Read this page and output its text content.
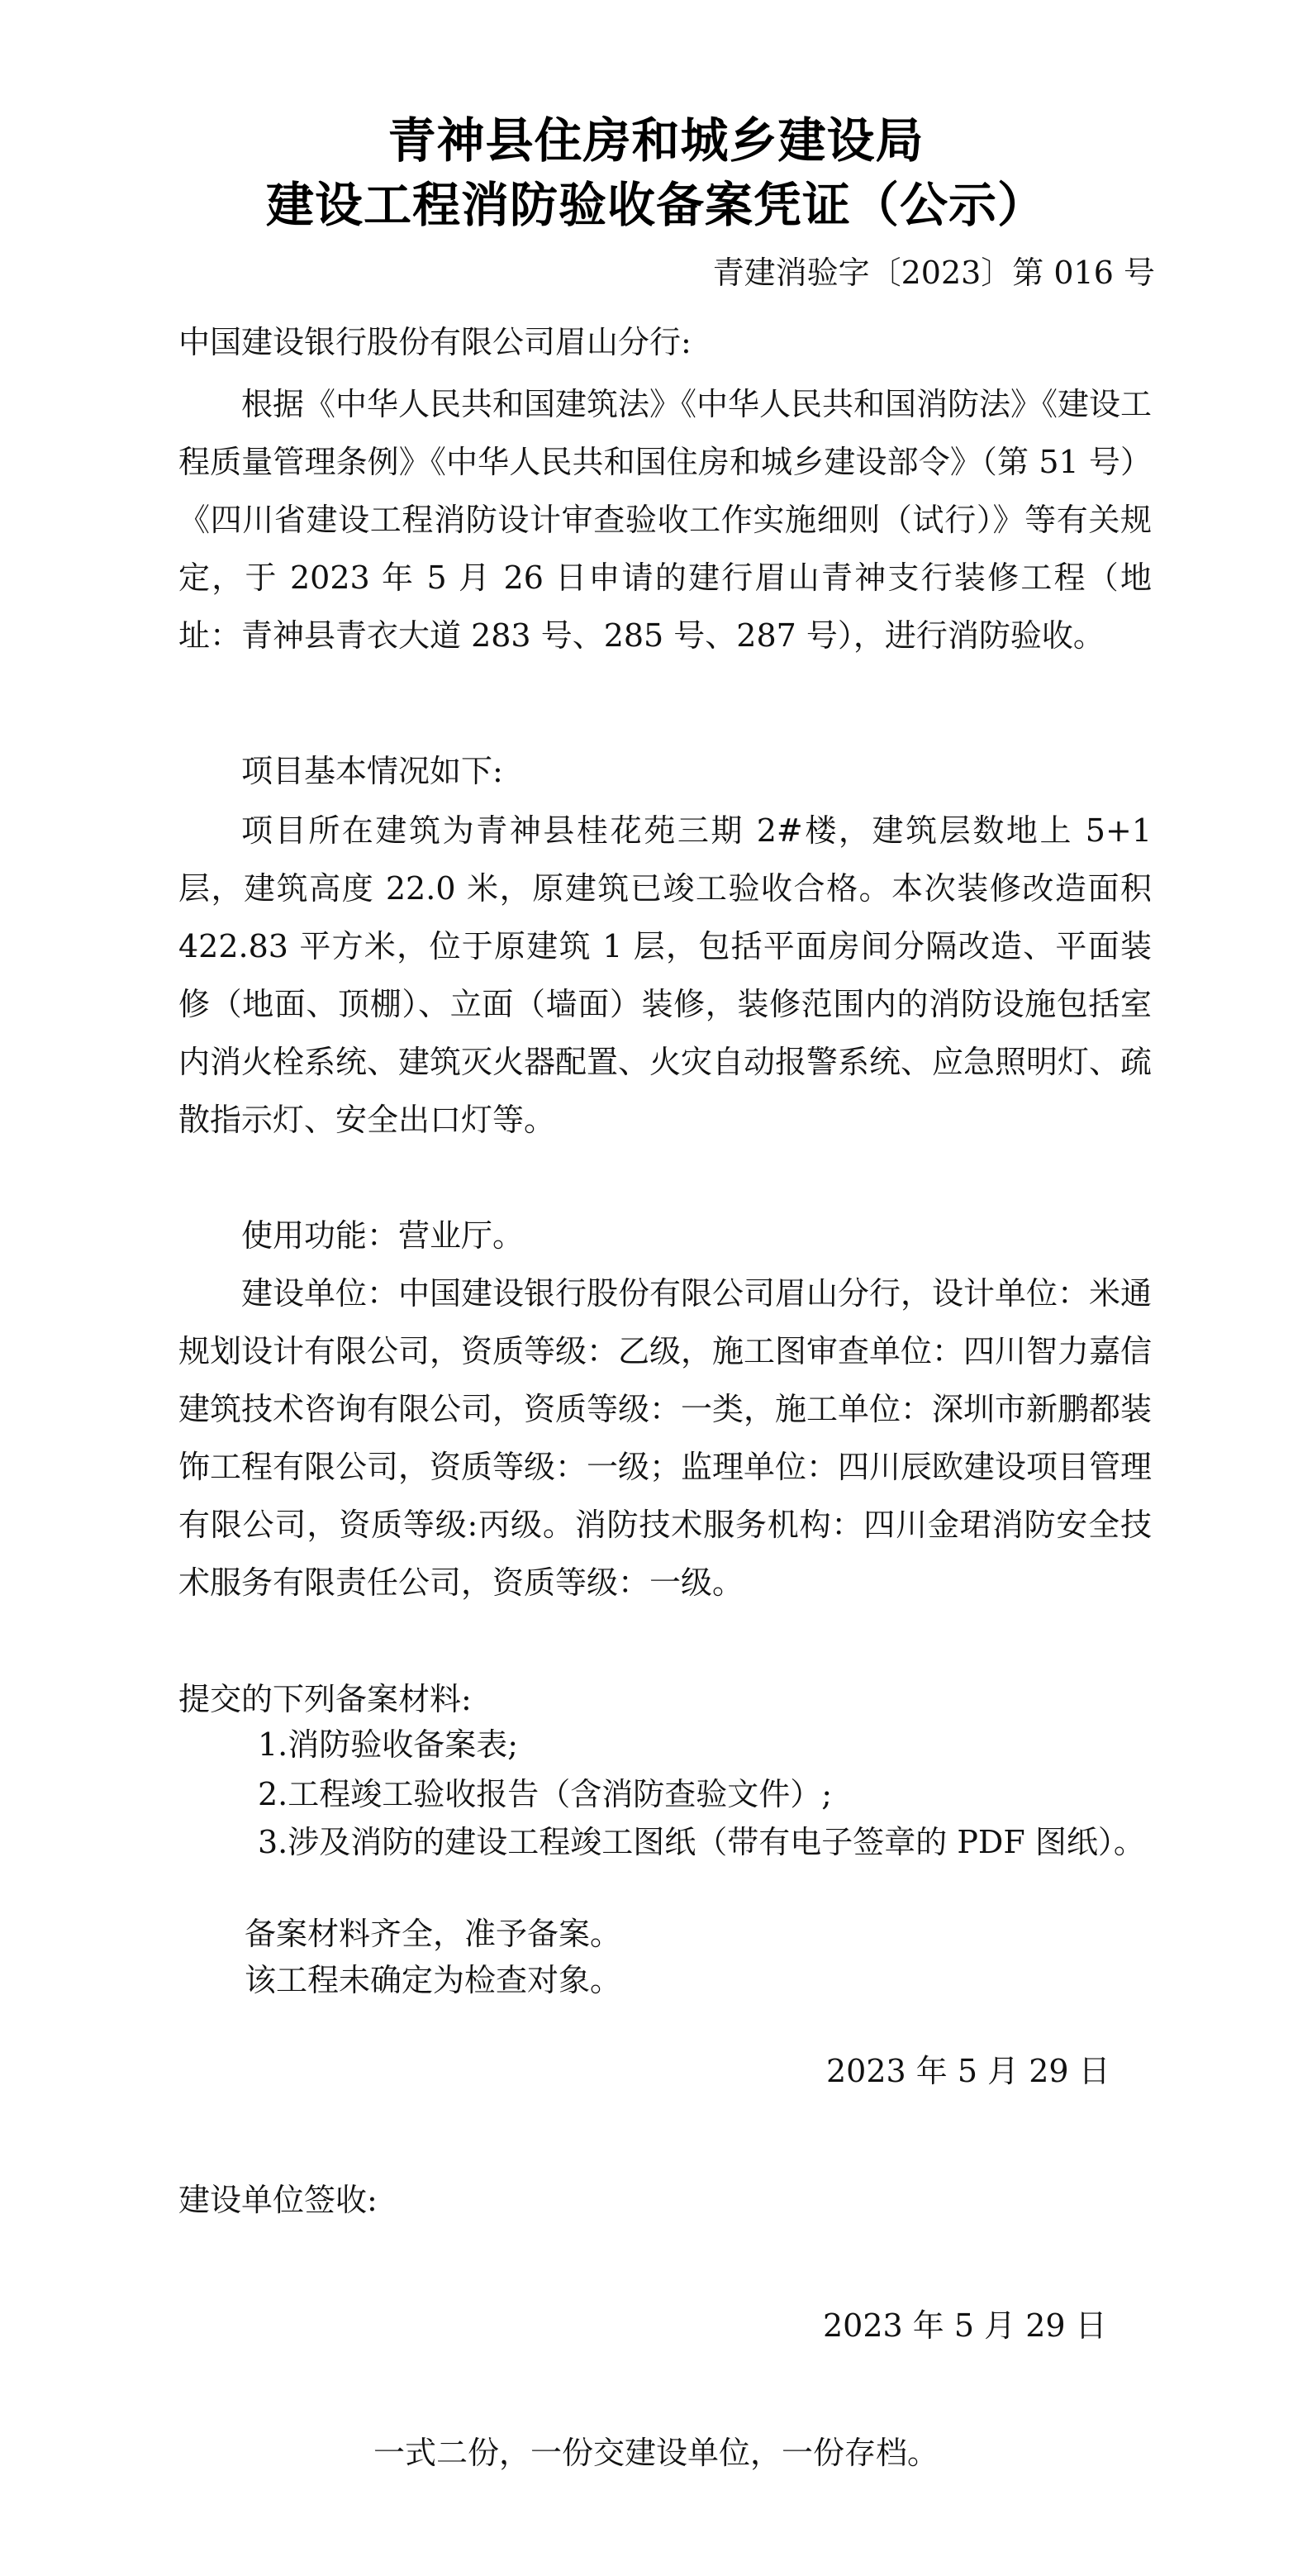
青神县住房和城乡建设局
建设工程消防验收备案凭证（公示）
青建消验字〔2023〕第 016 号
中国建设银行股份有限公司眉山分行:

根据《中华人民共和国建筑法》《中华人民共和国消防法》《建设工程质量管理条例》《中华人民共和国住房和城乡建设部令》（第 51 号）《四川省建设工程消防设计审查验收工作实施细则（试行）》等有关规定，于 2023 年 5 月 26 日申请的建行眉山青神支行装修工程（地址：青神县青衣大道 283 号、285 号、287 号），进行消防验收。

项目基本情况如下:

项目所在建筑为青神县桂花苑三期 2#楼，建筑层数地上 5+1 层，建筑高度 22.0 米，原建筑已竣工验收合格。本次装修改造面积 422.83 平方米，位于原建筑 1 层，包括平面房间分隔改造、平面装修（地面、顶棚）、立面（墙面）装修，装修范围内的消防设施包括室内消火栓系统、建筑灭火器配置、火灾自动报警系统、应急照明灯、疏散指示灯、安全出口灯等。

使用功能：营业厅。

建设单位：中国建设银行股份有限公司眉山分行，设计单位：米通规划设计有限公司，资质等级：乙级，施工图审查单位：四川智力嘉信建筑技术咨询有限公司，资质等级：一类，施工单位：深圳市新鹏都装饰工程有限公司，资质等级：一级；监理单位：四川辰欧建设项目管理有限公司，资质等级:丙级。消防技术服务机构：四川金珺消防安全技术服务有限责任公司，资质等级：一级。

提交的下列备案材料:

1.消防验收备案表;

2.工程竣工验收报告（含消防查验文件）;

3.涉及消防的建设工程竣工图纸（带有电子签章的 PDF 图纸）。

备案材料齐全，准予备案。
该工程未确定为检查对象。
2023 年 5 月 29 日
建设单位签收:
2023 年 5 月 29 日
一式二份，一份交建设单位，一份存档。
